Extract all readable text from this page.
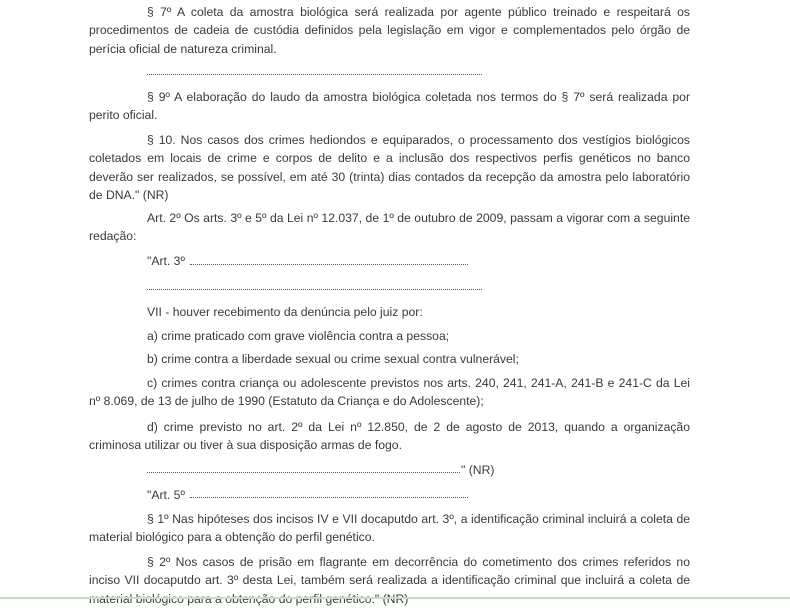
§ 7º A coleta da amostra biológica será realizada por agente público treinado e respeitará os procedimentos de cadeia de custódia definidos pela legislação em vigor e complementados pelo órgão de perícia oficial de natureza criminal.

§ 9º A elaboração do laudo da amostra biológica coletada nos termos do § 7º será realizada por perito oficial.

§ 10. Nos casos dos crimes hediondos e equiparados, o processamento dos vestígios biológicos coletados em locais de crime e corpos de delito e a inclusão dos respectivos perfis genéticos no banco deverão ser realizados, se possível, em até 30 (trinta) dias contados da recepção da amostra pelo laboratório de DNA." (NR)

Art. 2º Os arts. 3º e 5º da Lei nº 12.037, de 1º de outubro de 2009, passam a vigorar com a seguinte redação:

"Art. 3º

VII - houver recebimento da denúncia pelo juiz por:

a) crime praticado com grave violência contra a pessoa;

b) crime contra a liberdade sexual ou crime sexual contra vulnerável;

c) crimes contra criança ou adolescente previstos nos arts. 240, 241, 241-A, 241-B e 241-C da Lei nº 8.069, de 13 de julho de 1990 (Estatuto da Criança e do Adolescente);

d) crime previsto no art. 2º da Lei nº 12.850, de 2 de agosto de 2013, quando a organização criminosa utilizar ou tiver à sua disposição armas de fogo.

" (NR)

"Art. 5º

§ 1º Nas hipóteses dos incisos IV e VII docaputdo art. 3º, a identificação criminal incluirá a coleta de material biológico para a obtenção do perfil genético.

§ 2º Nos casos de prisão em flagrante em decorrência do cometimento dos crimes referidos no inciso VII docaputdo art. 3º desta Lei, também será realizada a identificação criminal que incluirá a coleta de
